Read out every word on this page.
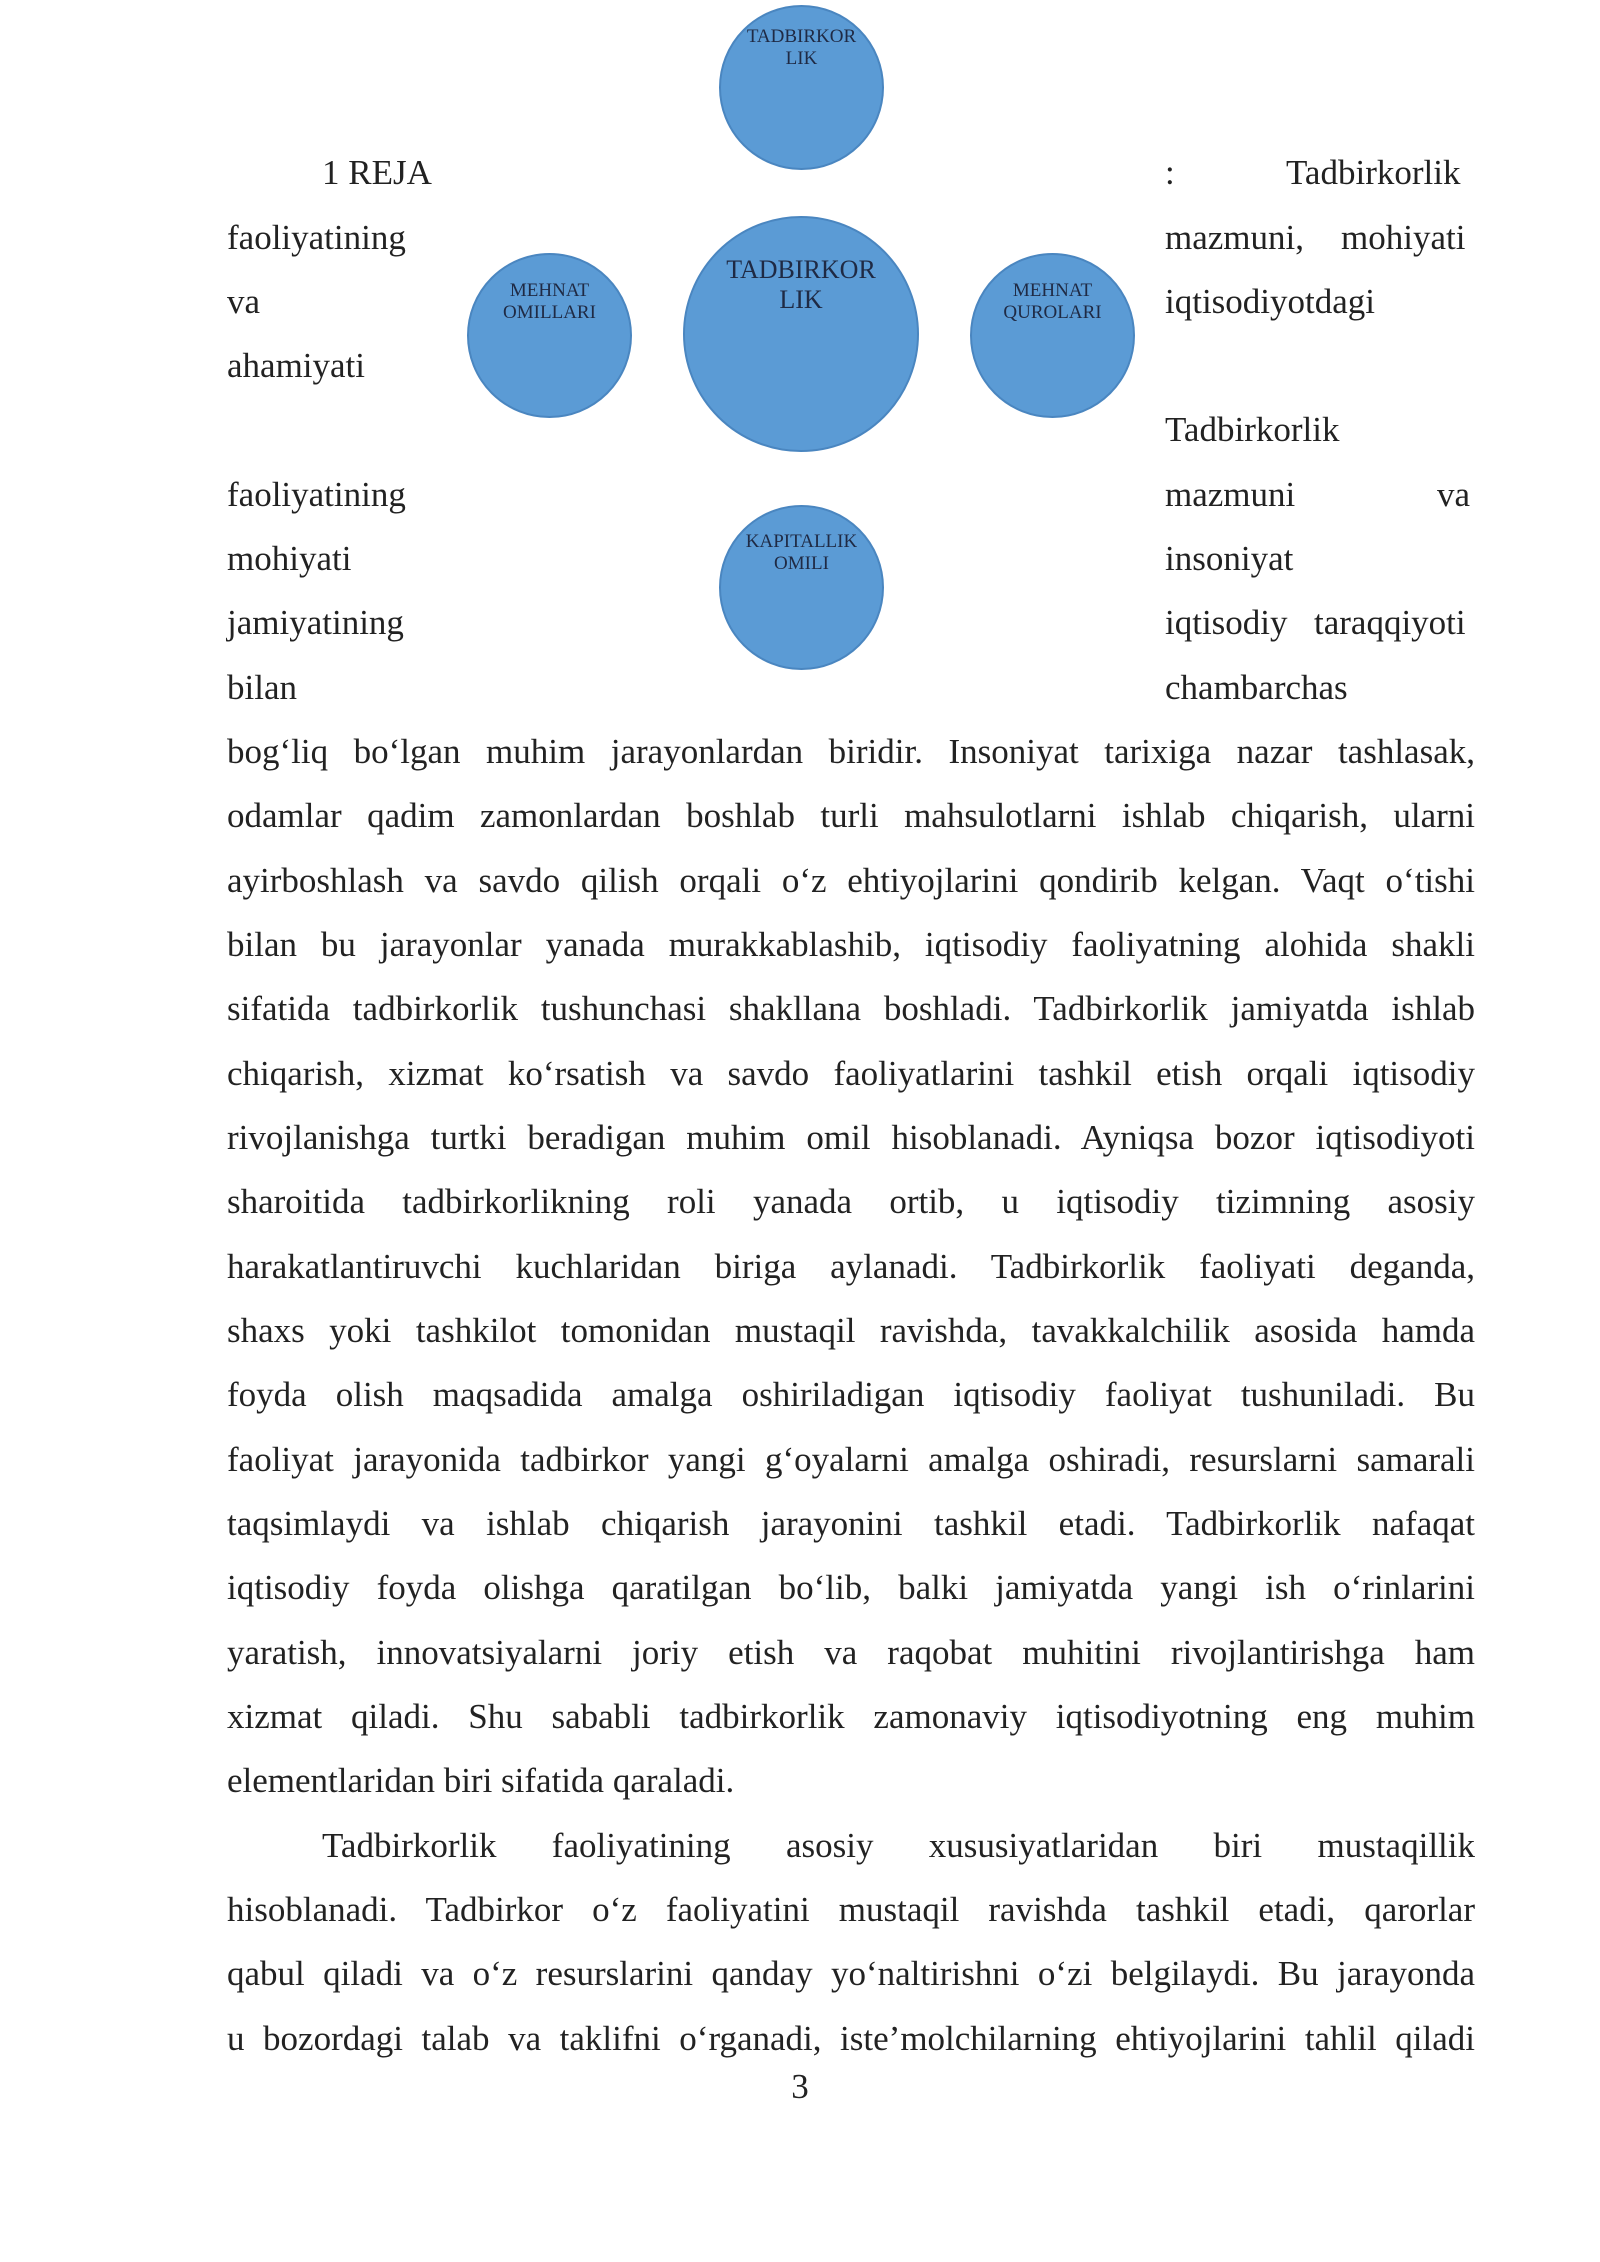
TADBIRKOR
LIK
MEHNAT
OMILLARI
TADBIRKOR
LIK	MEHNAT
QUROLARI
KAPITALLIK
OMILI
1 REJA
faoliyatining
va
ahamiyati
faoliyatining
mohiyati
jamiyatining
bilan
:	Tadbirkorlik
mazmuni, mohiyati
iqtisodiyotdagi
Tadbirkorlik
mazmuni	va
insoniyat
iqtisodiy taraqqiyoti
chambarchas
bog‘liq bo‘lgan muhim jarayonlardan biridir. Insoniyat tarixiga nazar tashlasak,
odamlar qadim zamonlardan boshlab turli mahsulotlarni ishlab chiqarish, ularni
ayirboshlash va savdo qilish orqali o‘z ehtiyojlarini qondirib kelgan. Vaqt o‘tishi
bilan bu jarayonlar yanada murakkablashib, iqtisodiy faoliyatning alohida shakli
sifatida tadbirkorlik tushunchasi shakllana boshladi. Tadbirkorlik jamiyatda ishlab
chiqarish, xizmat ko‘rsatish va savdo faoliyatlarini tashkil etish orqali iqtisodiy
rivojlanishga turtki beradigan muhim omil hisoblanadi. Ayniqsa bozor iqtisodiyoti
sharoitida tadbirkorlikning roli yanada ortib, u iqtisodiy tizimning asosiy
harakatlantiruvchi kuchlaridan biriga aylanadi. Tadbirkorlik faoliyati deganda,
shaxs yoki tashkilot tomonidan mustaqil ravishda, tavakkalchilik asosida hamda
foyda olish maqsadida amalga oshiriladigan iqtisodiy faoliyat tushuniladi. Bu
faoliyat jarayonida tadbirkor yangi g‘oyalarni amalga oshiradi, resurslarni samarali
taqsimlaydi va ishlab chiqarish jarayonini tashkil etadi. Tadbirkorlik nafaqat
iqtisodiy foyda olishga qaratilgan bo‘lib, balki jamiyatda yangi ish o‘rinlarini
yaratish, innovatsiyalarni joriy etish va raqobat muhitini rivojlantirishga ham
xizmat qiladi. Shu sababli tadbirkorlik zamonaviy iqtisodiyotning eng muhim
elementlaridan biri sifatida qaraladi.
Tadbirkorlik faoliyatining asosiy xususiyatlaridan biri mustaqillik
hisoblanadi. Tadbirkor o‘z faoliyatini mustaqil ravishda tashkil etadi, qarorlar
qabul qiladi va o‘z resurslarini qanday yo‘naltirishni o‘zi belgilaydi. Bu jarayonda
u bozordagi talab va taklifni o‘rganadi, iste’molchilarning ehtiyojlarini tahlil qiladi
3
